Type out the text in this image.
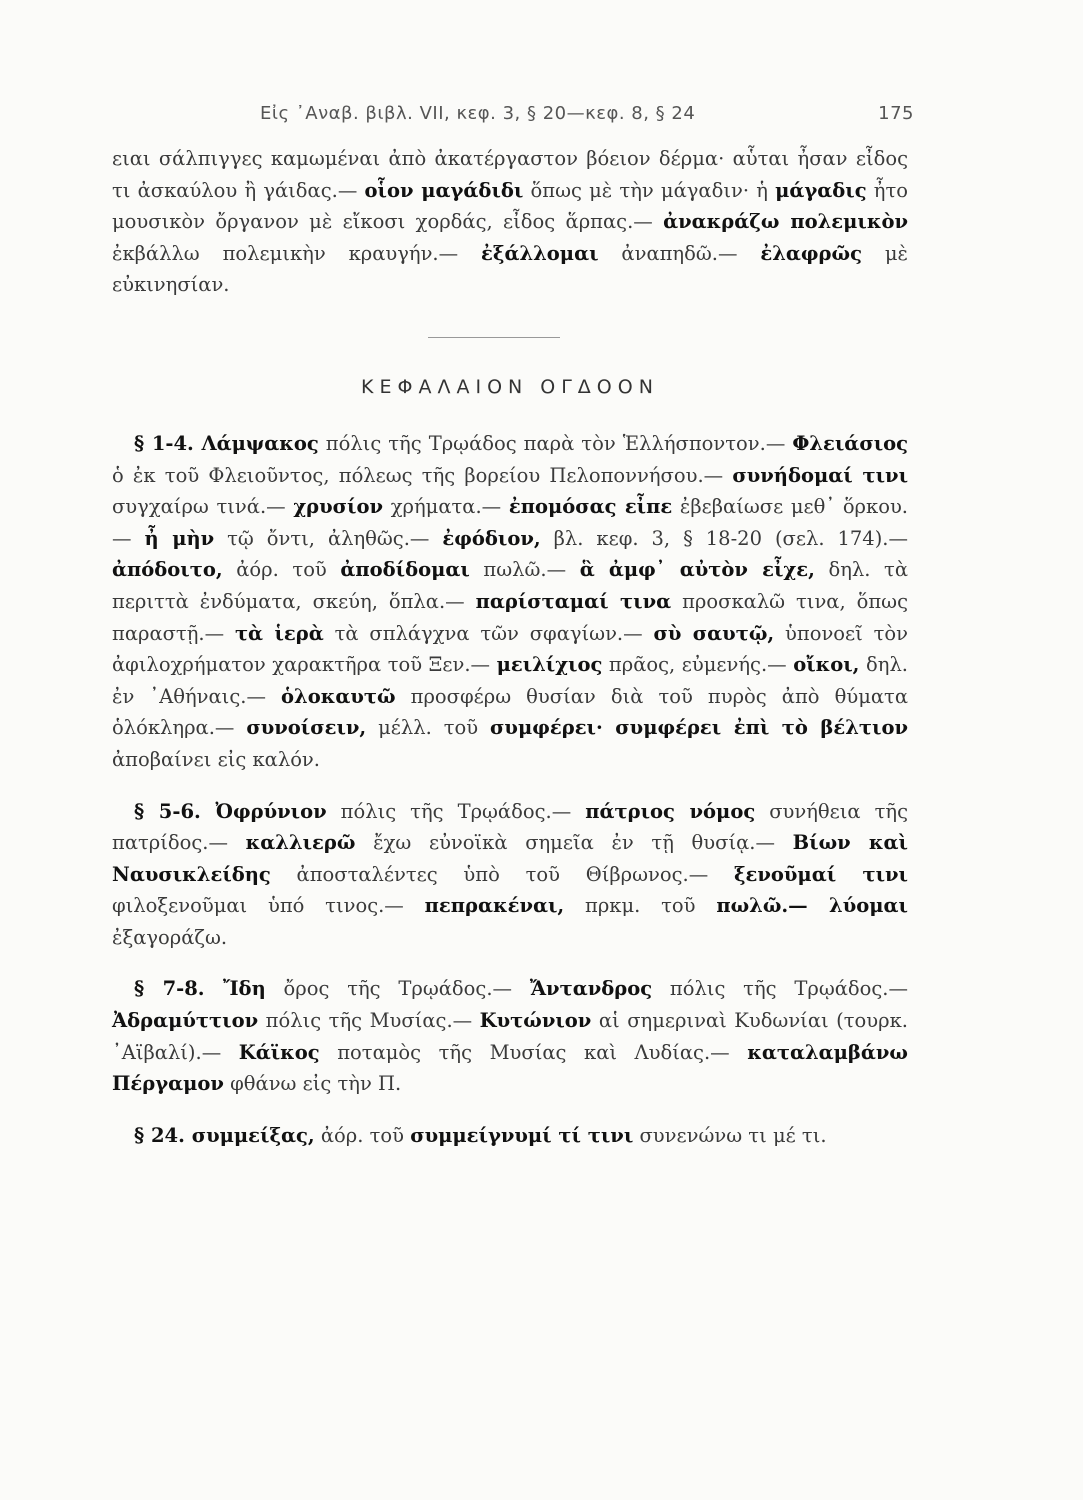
Εἰς ᾿Αναβ. βιβλ. VII, κεφ. 3, § 20—κεφ. 8, § 24	175

ειαι σάλπιγγες καμωμέναι ἀπὸ ἀκατέργαστον βόειον δέρμα· αὗται ἦσαν εἶδος τι ἀσκαύλου ἢ γάιδας.— οἷον μαγάδιδι ὅπως μὲ τὴν μάγαδιν· ἡ μάγαδις ἦτο μουσικὸν ὄργανον μὲ εἴκοσι χορδάς, εἶδος ἅρπας.— ἀνακράζω πολεμικὸν ἐκβάλλω πολεμικὴν κραυγήν.— ἐξάλλομαι ἀναπηδῶ.— ἐλαφρῶς μὲ εὐκινησίαν.

ΚΕΦΑΛΑΙΟΝ ΟΓΔΟΟΝ

§ 1-4. Λάμψακος πόλις τῆς Τρῳάδος παρὰ τὸν Ἑλλήσποντον.— Φλειάσιος ὁ ἐκ τοῦ Φλειοῦντος, πόλεως τῆς βορείου Πελοποννήσου.— συνήδομαί τινι συγχαίρω τινά.— χρυσίον χρήματα.— ἐπομόσας εἶπε ἐβεβαίωσε μεθ᾿ ὅρκου.— ἦ μὴν τῷ ὄντι, ἀληθῶς.— ἐφόδιον, βλ. κεφ. 3, § 18-20 (σελ. 174).— ἀπόδοιτο, ἀόρ. τοῦ ἀποδίδομαι πωλῶ.— ἃ ἀμφ᾿ αὐτὸν εἶχε, δηλ. τὰ περιττὰ ἐνδύματα, σκεύη, ὅπλα.— παρίσταμαί τινα προσκαλῶ τινα, ὅπως παραστῇ.— τὰ ἱερὰ τὰ σπλάγχνα τῶν σφαγίων.— σὺ σαυτῷ, ὑπονοεῖ τὸν ἀφιλοχρήματον χαρακτῆρα τοῦ Ξεν.— μειλίχιος πρᾶος, εὐμενής.— οἴκοι, δηλ. ἐν ᾿Αθήναις.— ὁλοκαυτῶ προσφέρω θυσίαν διὰ τοῦ πυρὸς ἀπὸ θύματα ὁλόκληρα.— συνοίσειν, μέλλ. τοῦ συμφέρει· συμφέρει ἐπὶ τὸ βέλτιον ἀποβαίνει εἰς καλόν.

§ 5-6. Ὀφρύνιον πόλις τῆς Τρῳάδος.— πάτριος νόμος συνήθεια τῆς πατρίδος.— καλλιερῶ ἔχω εὐνοϊκὰ σημεῖα ἐν τῇ θυσίᾳ.— Βίων καὶ Ναυσικλείδης ἀποσταλέντες ὑπὸ τοῦ Θίβρωνος.— ξενοῦμαί τινι φιλοξενοῦμαι ὑπό τινος.— πεπρακέναι, πρκμ. τοῦ πωλῶ.— λύομαι ἐξαγοράζω.

§ 7-8. Ἴδη ὄρος τῆς Τρῳάδος.— Ἄντανδρος πόλις τῆς Τρῳάδος.— Ἀδραμύττιον πόλις τῆς Μυσίας.— Κυτώνιον αἱ σημεριναὶ Κυδωνίαι (τουρκ. ᾿Αϊβαλί).— Κάϊκος ποταμὸς τῆς Μυσίας καὶ Λυδίας.— καταλαμβάνω Πέργαμον φθάνω εἰς τὴν Π.

§ 24. συμμείξας, ἀόρ. τοῦ συμμείγνυμί τί τινι συνενώνω τι μέ τι.
